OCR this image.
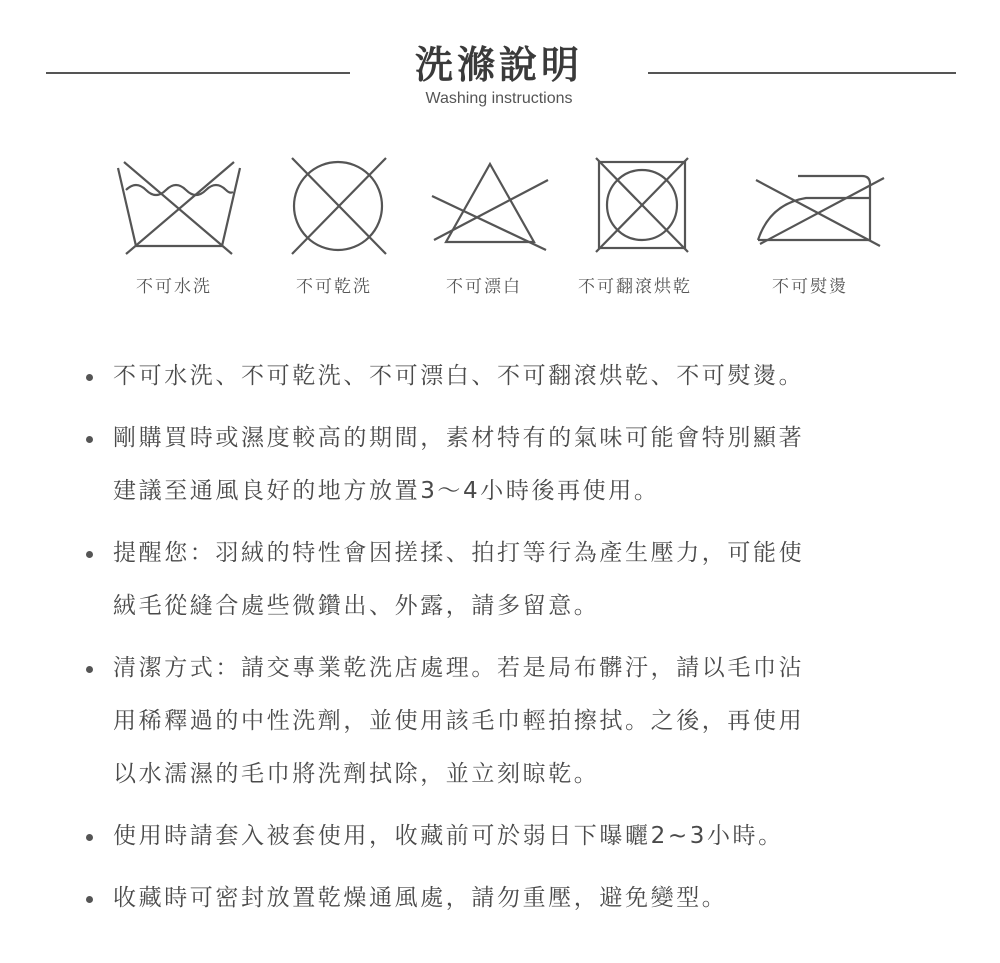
洗滌說明
Washing instructions
不可水洗	不可乾洗	不可漂白	不可翻滾烘乾	不可熨燙
不可水洗、不可乾洗、不可漂白、不可翻滾烘乾、不可熨燙。
剛購買時或濕度較高的期間，素材特有的氣味可能會特別顯著
建議至通風良好的地方放置3～4小時後再使用。
提醒您：羽絨的特性會因搓揉、拍打等行為產生壓力，可能使
絨毛從縫合處些微鑽出、外露，請多留意。
清潔方式：請交專業乾洗店處理。若是局布髒汙，請以毛巾沾
用稀釋過的中性洗劑，並使用該毛巾輕拍擦拭。之後，再使用
以水濡濕的毛巾將洗劑拭除，並立刻晾乾。
使用時請套入被套使用，收藏前可於弱日下曝曬2~3小時。
收藏時可密封放置乾燥通風處，請勿重壓，避免變型。
